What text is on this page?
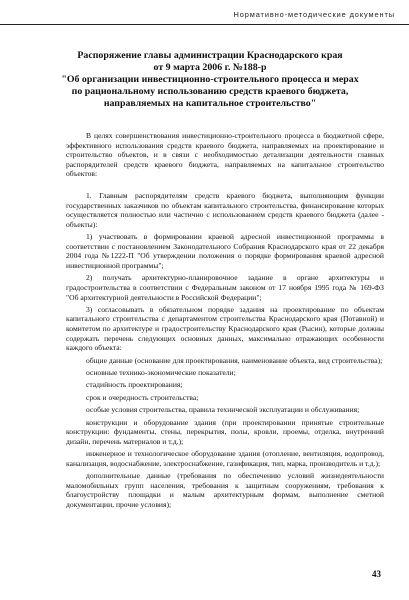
Нормативно-методические документы
Распоряжение главы администрации Краснодарского края
от 9 марта 2006 г. №188-р
"Об организации инвестиционно-строительного процесса и мерах
по рациональному использованию средств краевого бюджета,
направляемых на капитальное строительство"

В целях совершенствования инвестиционно-строительного процесса в бюджетной сфере, эффективного использования средств краевого бюджета, направляемых на проектирование и строительство объектов, и в связи с необходимостью детализации деятельности главных распорядителей средств краевого бюджета, направляемых на капитальное строительство объектов:

1. Главным распорядителям средств краевого бюджета, выполняющим функции государственных заказчиков по объектам капитального строительства, финансирование которых осуществляется полностью или частично с использованием средств краевого бюджета (далее - объекты):

1) участвовать в формировании краевой адресной инвестиционной программы в соответствии с постановлением Законодательного Собрания Краснодарского края от 22 декабря 2004 года №1222-П "Об утверждении положения о порядке формирования краевой адресной инвестиционной программы";

2) получать архитектурно-планировочное задание в органе архитектуры и градостроительства в соответствии с Федеральным законом от 17 ноября 1995 года № 169-ФЗ "Об архитектурной деятельности в Российской Федерации";

3) согласовывать в обязательном порядке задания на проектирование по объектам капитального строительства с департаментом строительства Краснодарского края (Потавной) и комитетом по архитектуре и градостроительству Краснодарского края (Рысин), которые должны содержать перечень следующих основных данных, максимально отражающих особенности каждого объекта:

общие данные (основание для проектирования, наименование объекта, вид строительства);

основные технико-экономические показатели;

стадийность проектирования;

срок и очередность строительства;

особые условия строительства, правила технической эксплуатации и обслуживания;

конструкции и оборудование здания (при проектировании принятые строительные конструкции: фундаменты, стены, перекрытия, полы, кровли, проемы, отделка, внутренний дизайн, перечень материалов и т.д.);

инженерное и технологическое оборудование здания (отопление, вентиляция, водопровод, канализация, водоснабжение, электроснабжение, газификация, тип, марка, производитель и т.д.);

дополнительные данные (требования по обеспечению условий жизнедеятельности маломобильных групп населения, требования к защитным сооружениям, требования к благоустройству площадки и малым архитектурным формам, выполнение сметной документации, прочие условия);

43
